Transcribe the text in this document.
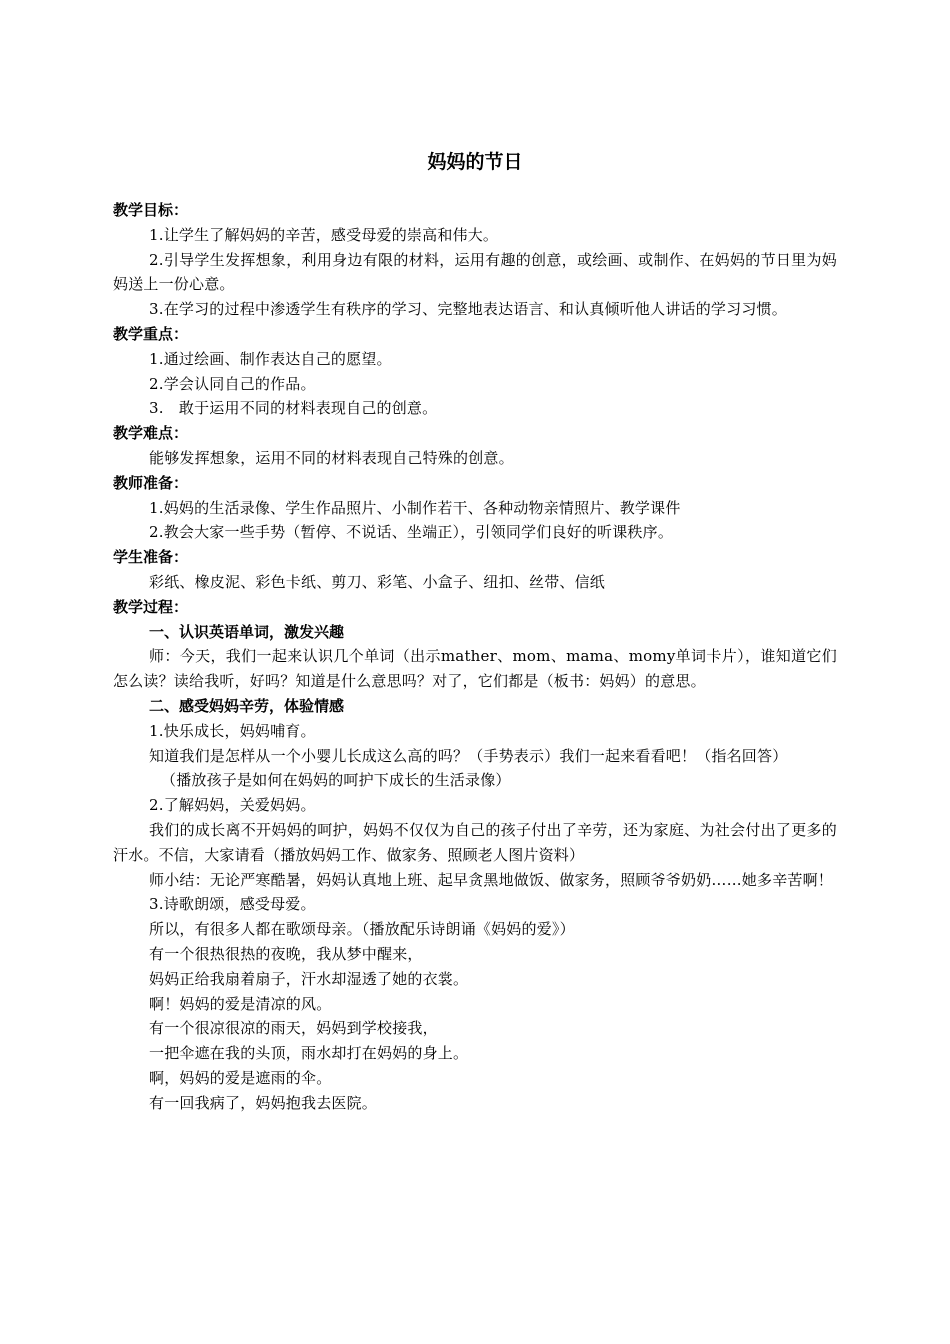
妈妈的节日

教学目标：

1.让学生了解妈妈的辛苦，感受母爱的崇高和伟大。

2.引导学生发挥想象，利用身边有限的材料，运用有趣的创意，或绘画、或制作、在妈妈的节日里为妈妈送上一份心意。

3.在学习的过程中渗透学生有秩序的学习、完整地表达语言、和认真倾听他人讲话的学习习惯。

教学重点：

1.通过绘画、制作表达自己的愿望。

2.学会认同自己的作品。

3.　敢于运用不同的材料表现自己的创意。

教学难点：

能够发挥想象，运用不同的材料表现自己特殊的创意。

教师准备：

1.妈妈的生活录像、学生作品照片、小制作若干、各种动物亲情照片、教学课件

2.教会大家一些手势（暂停、不说话、坐端正），引领同学们良好的听课秩序。

学生准备：

彩纸、橡皮泥、彩色卡纸、剪刀、彩笔、小盒子、纽扣、丝带、信纸

教学过程：

一、认识英语单词，激发兴趣

师：今天，我们一起来认识几个单词（出示mather、mom、mama、momy单词卡片），谁知道它们怎么读？读给我听，好吗？知道是什么意思吗？对了，它们都是（板书：妈妈）的意思。

二、感受妈妈辛劳，体验情感

1.快乐成长，妈妈哺育。

知道我们是怎样从一个小婴儿长成这么高的吗？（手势表示）我们一起来看看吧！（指名回答）

（播放孩子是如何在妈妈的呵护下成长的生活录像）

2.了解妈妈，关爱妈妈。

我们的成长离不开妈妈的呵护，妈妈不仅仅为自己的孩子付出了辛劳，还为家庭、为社会付出了更多的汗水。不信，大家请看（播放妈妈工作、做家务、照顾老人图片资料）

师小结：无论严寒酷暑，妈妈认真地上班、起早贪黑地做饭、做家务，照顾爷爷奶奶……她多辛苦啊！

3.诗歌朗颂，感受母爱。

所以，有很多人都在歌颂母亲。（播放配乐诗朗诵《妈妈的爱》）

有一个很热很热的夜晚，我从梦中醒来，

妈妈正给我扇着扇子，汗水却湿透了她的衣裳。

啊！妈妈的爱是清凉的风。

有一个很凉很凉的雨天，妈妈到学校接我，

一把伞遮在我的头顶，雨水却打在妈妈的身上。

啊，妈妈的爱是遮雨的伞。

有一回我病了，妈妈抱我去医院。
